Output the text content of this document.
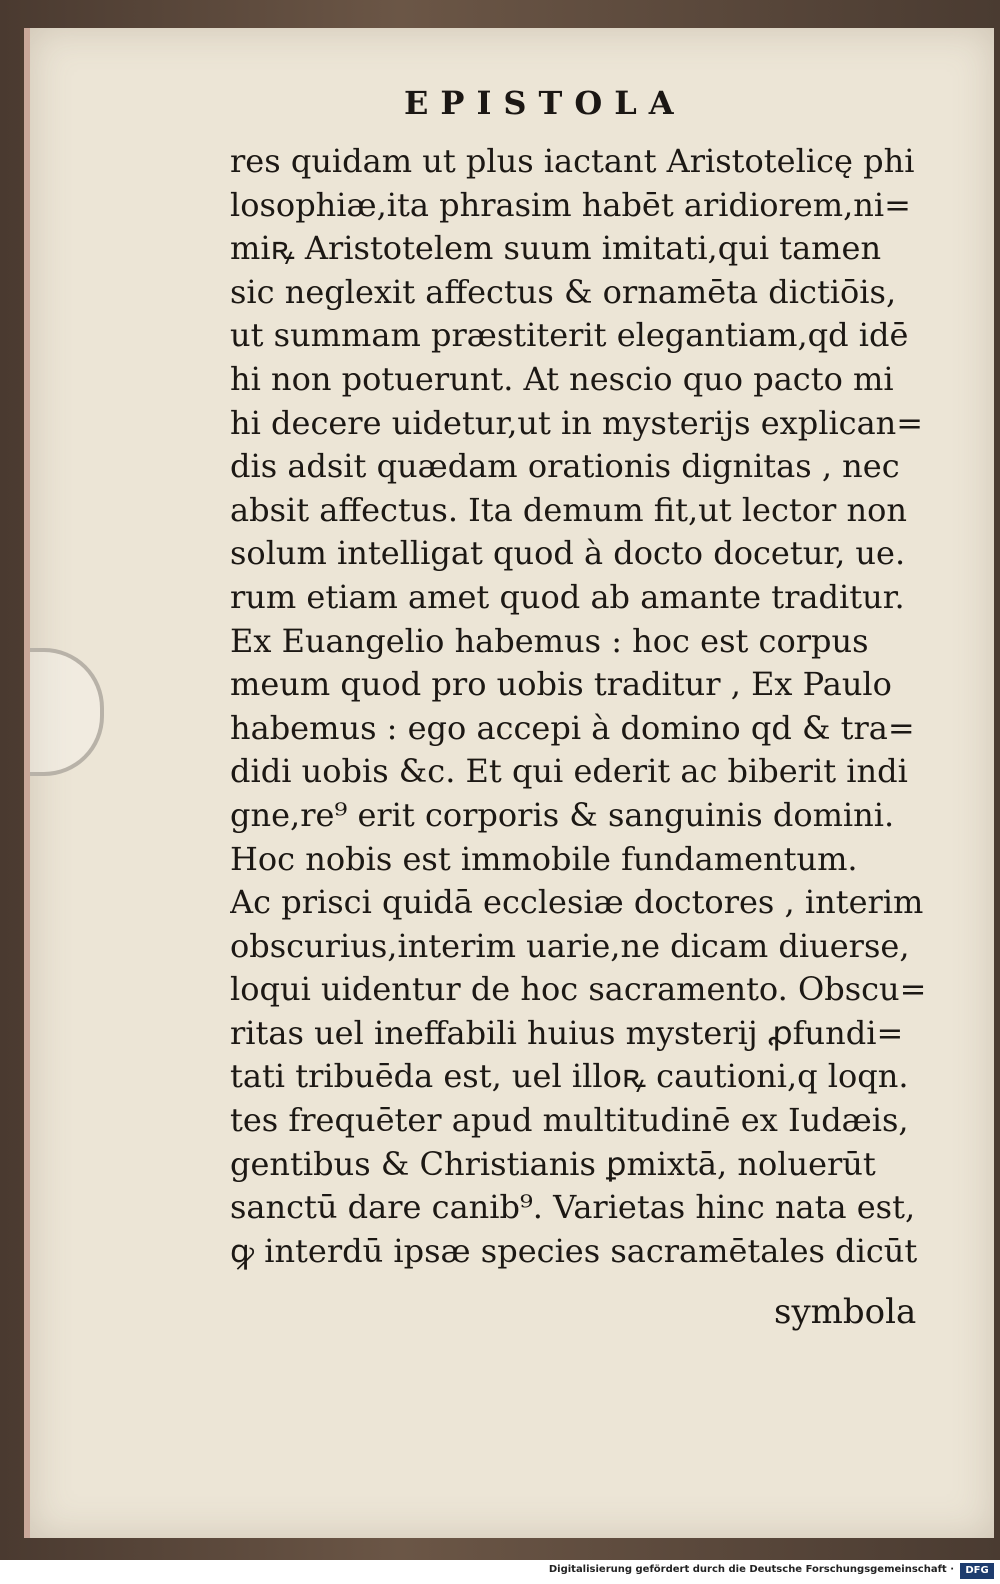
EPISTOLA
res quidam ut plus iactant Aristotelicę phi
losophiæ,ita phrasim habēt aridiorem,ni=
miꝶ Aristotelem suum imitati,qui tamen
sic neglexit affectus & ornamēta dictiōis,
ut summam præstiterit elegantiam,qd idē
hi non potuerunt. At nescio quo pacto mi
hi decere uidetur,ut in mysterijs explican=
dis adsit quædam orationis dignitas , nec
absit affectus. Ita demum fit,ut lector non
solum intelligat quod à docto docetur, ue.
rum etiam amet quod ab amante traditur.
Ex Euangelio habemus : hoc est corpus
meum quod pro uobis traditur , Ex Paulo
habemus : ego accepi à domino qd & tra=
didi uobis &c. Et qui ederit ac biberit indi
gne,re⁹ erit corporis & sanguinis domini.
Hoc nobis est immobile fundamentum.
Ac prisci quidā ecclesiæ doctores , interim
obscurius,interim uarie,ne dicam diuerse,
loqui uidentur de hoc sacramento. Obscu=
ritas uel ineffabili huius mysterij ꝓfundi=
tati tribuēda est, uel illoꝶ cautioni,q loqn.
tes frequēter apud multitudinē ex Iudæis,
gentibus & Christianis ꝑmixtā, noluerūt
sanctū dare canib⁹. Varietas hinc nata est,
ꝙ interdū ipsæ species sacramētales dicūt
symbola
Digitalisierung gefördert durch die Deutsche Forschungsgemeinschaft ·	DFG
